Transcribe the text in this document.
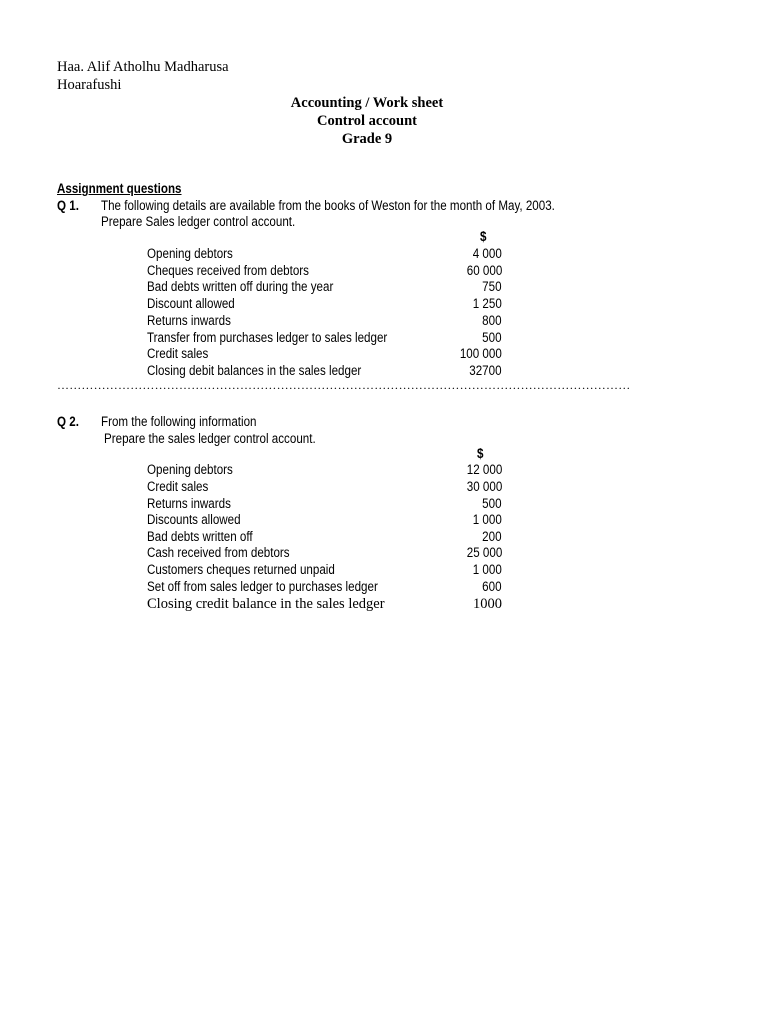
Haa. Alif Atholhu Madharusa
Hoarafushi
Accounting / Work sheet
Control account
Grade 9
Assignment questions
Q 1. The following details are available from the books of Weston for the month of May, 2003.
Prepare Sales ledger control account.
$
Opening debtors	4 000
Cheques received from debtors	60 000
Bad debts written off during the year	750
Discount allowed	1 250
Returns inwards	800
Transfer from purchases ledger to sales ledger	500
Credit sales	100 000
Closing debit balances in the sales ledger	32700
……………………………………………………………………………………………………………………………
Q 2. From the following information
Prepare the sales ledger control account.
$
Opening debtors	12 000
Credit sales	30 000
Returns inwards	500
Discounts allowed	1 000
Bad debts written off	200
Cash received from debtors	25 000
Customers cheques returned unpaid	1 000
Set off from sales ledger to purchases ledger	600
Closing credit balance in the sales ledger	1000
